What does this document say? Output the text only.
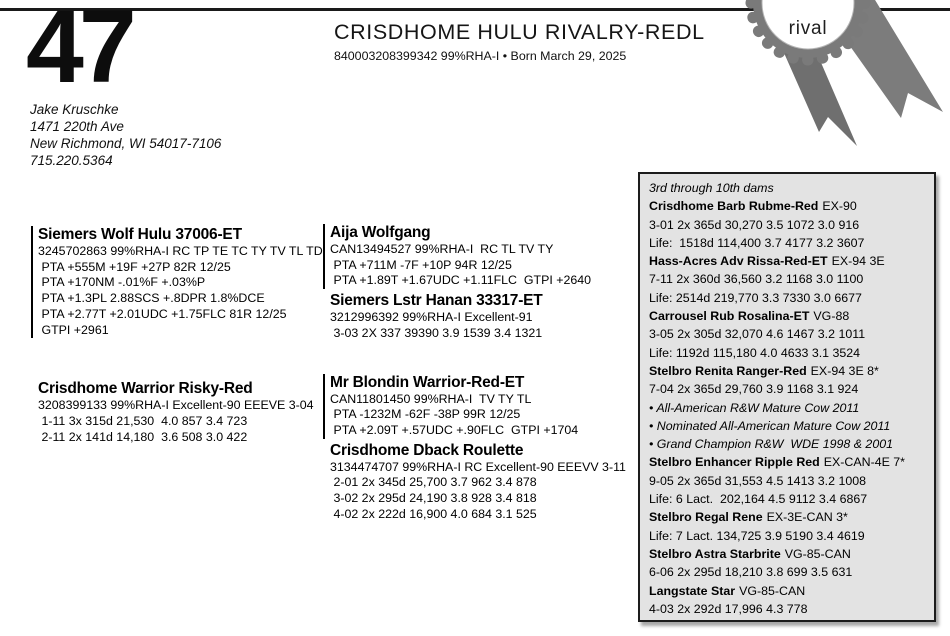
47
Jake Kruschke
1471 220th Ave
New Richmond, WI 54017-7106
715.220.5364
CRISDHOME HULU RIVALRY-REDL
840003208399342 99%RHA-I • Born March 29, 2025
Siemers Wolf Hulu 37006-ET
3245702863 99%RHA-I RC TP TE TC TY TV TL TD
PTA +555M +19F +27P 82R 12/25
PTA +170NM -.01%F +.03%P
PTA +1.3PL 2.88SCS +.8DPR 1.8%DCE
PTA +2.77T +2.01UDC +1.75FLC 81R 12/25
GTPI +2961
Crisdhome Warrior Risky-Red
3208399133 99%RHA-I Excellent-90 EEEVE 3-04
1-11 3x 315d 21,530  4.0 857 3.4 723
2-11 2x 141d 14,180  3.6 508 3.0 422
Aija Wolfgang
CAN13494527 99%RHA-I  RC TL TV TY
PTA +711M -7F +10P 94R 12/25
PTA +1.89T +1.67UDC +1.11FLC  GTPI +2640
Siemers Lstr Hanan 33317-ET
3212996392 99%RHA-I Excellent-91
3-03 2X 337 39390 3.9 1539 3.4 1321
Mr Blondin Warrior-Red-ET
CAN11801450 99%RHA-I  TV TY TL
PTA -1232M -62F -38P 99R 12/25
PTA +2.09T +.57UDC +.90FLC  GTPI +1704
Crisdhome Dback Roulette
3134474707 99%RHA-I RC Excellent-90 EEEVV 3-11
2-01 2x 345d 25,700 3.7 962 3.4 878
3-02 2x 295d 24,190 3.8 928 3.4 818
4-02 2x 222d 16,900 4.0 684 3.1 525
3rd through 10th dams
Crisdhome Barb Rubme-Red EX-90
3-01 2x 365d 30,270 3.5 1072 3.0 916
Life:  1518d 114,400 3.7 4177 3.2 3607
Hass-Acres Adv Rissa-Red-ET EX-94 3E
7-11 2x 360d 36,560 3.2 1168 3.0 1100
Life: 2514d 219,770 3.3 7330 3.0 6677
Carrousel Rub Rosalina-ET VG-88
3-05 2x 305d 32,070 4.6 1467 3.2 1011
Life: 1192d 115,180 4.0 4633 3.1 3524
Stelbro Renita Ranger-Red EX-94 3E 8*
7-04 2x 365d 29,760 3.9 1168 3.1 924
• All-American R&W Mature Cow 2011
• Nominated All-American Mature Cow 2011
• Grand Champion R&W  WDE 1998 & 2001
Stelbro Enhancer Ripple Red EX-CAN-4E 7*
9-05 2x 365d 31,553 4.5 1413 3.2 1008
Life: 6 Lact.  202,164 4.5 9112 3.4 6867
Stelbro Regal Rene EX-3E-CAN 3*
Life: 7 Lact. 134,725 3.9 5190 3.4 4619
Stelbro Astra Starbrite VG-85-CAN
6-06 2x 295d 18,210 3.8 699 3.5 631
Langstate Star VG-85-CAN
4-03 2x 292d 17,996 4.3 778
rival
